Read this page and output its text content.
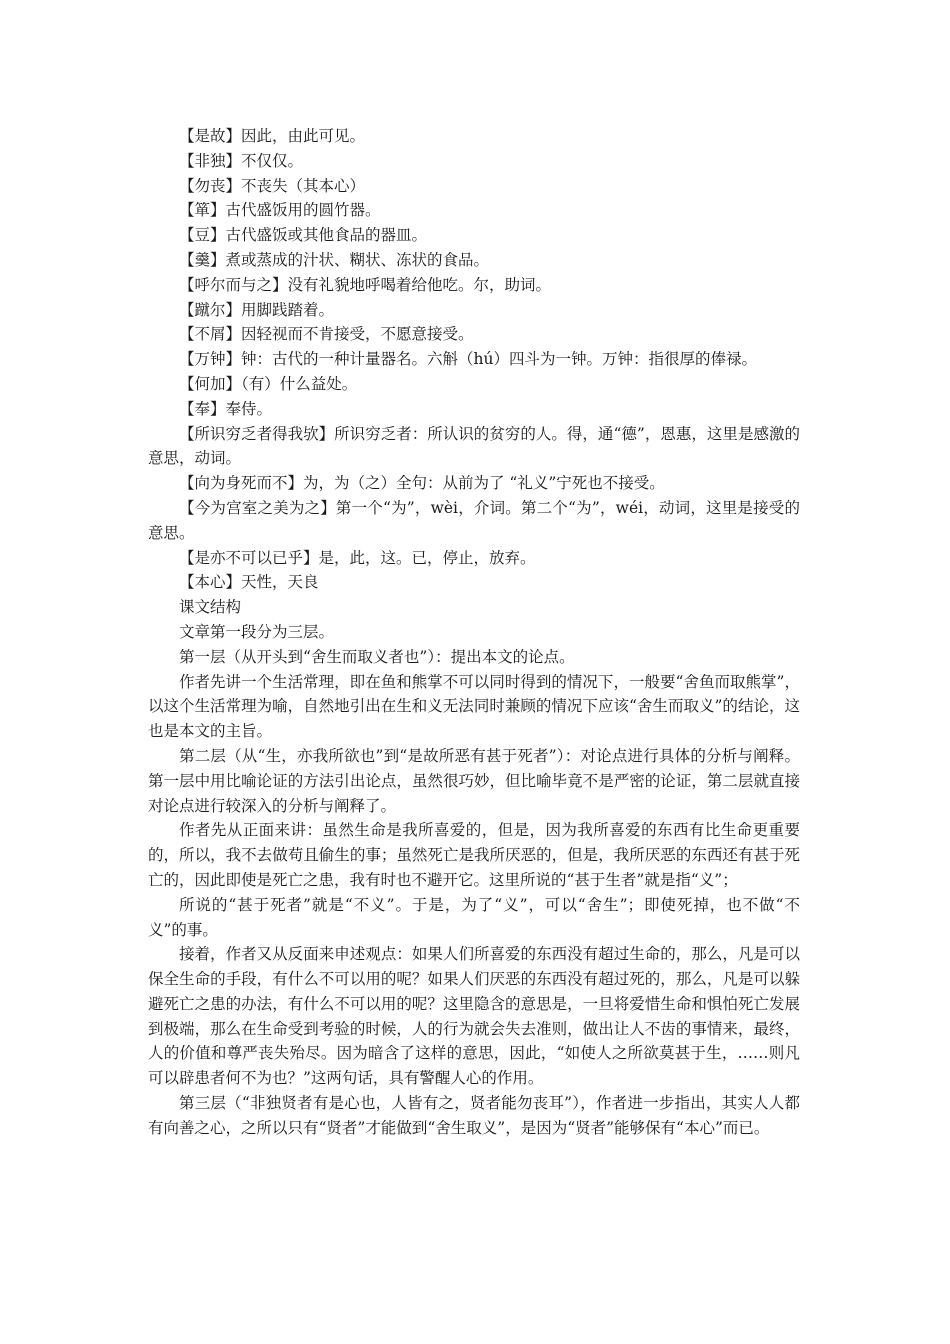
【是故】因此，由此可见。

【非独】不仅仅。

【勿丧】不丧失（其本心）

【箪】古代盛饭用的圆竹器。

【豆】古代盛饭或其他食品的器皿。

【羹】煮或蒸成的汁状、糊状、冻状的食品。

【呼尔而与之】没有礼貌地呼喝着给他吃。尔，助词。

【蹴尔】用脚践踏着。

【不屑】因轻视而不肯接受，不愿意接受。

【万钟】钟：古代的一种计量器名。六斛（hú）四斗为一钟。万钟：指很厚的俸禄。

【何加】（有）什么益处。

【奉】奉侍。

【所识穷乏者得我欤】所识穷乏者：所认识的贫穷的人。得，通“德”，恩惠，这里是感激的意思，动词。

【向为身死而不】为，为（之）全句：从前为了 “礼义”宁死也不接受。

【今为宫室之美为之】第一个“为”，wèi，介词。第二个“为”，wéi，动词，这里是接受的意思。

【是亦不可以已乎】是，此，这。已，停止，放弃。

【本心】天性，天良

课文结构

文章第一段分为三层。

第一层（从开头到“舍生而取义者也”）：提出本文的论点。

作者先讲一个生活常理，即在鱼和熊掌不可以同时得到的情况下，一般要“舍鱼而取熊掌”，以这个生活常理为喻，自然地引出在生和义无法同时兼顾的情况下应该“舍生而取义”的结论，这也是本文的主旨。

第二层（从“生，亦我所欲也”到“是故所恶有甚于死者”）：对论点进行具体的分析与阐释。第一层中用比喻论证的方法引出论点，虽然很巧妙，但比喻毕竟不是严密的论证，第二层就直接对论点进行较深入的分析与阐释了。

作者先从正面来讲：虽然生命是我所喜爱的，但是，因为我所喜爱的东西有比生命更重要的，所以，我不去做苟且偷生的事；虽然死亡是我所厌恶的，但是，我所厌恶的东西还有甚于死亡的，因此即使是死亡之患，我有时也不避开它。这里所说的“甚于生者”就是指“义”；

所说的“甚于死者”就是“不义”。于是，为了“义”，可以“舍生”；即使死掉，也不做“不义”的事。

接着，作者又从反面来申述观点：如果人们所喜爱的东西没有超过生命的，那么，凡是可以保全生命的手段，有什么不可以用的呢？如果人们厌恶的东西没有超过死的，那么，凡是可以躲避死亡之患的办法，有什么不可以用的呢？这里隐含的意思是，一旦将爱惜生命和惧怕死亡发展到极端，那么在生命受到考验的时候，人的行为就会失去准则，做出让人不齿的事情来，最终，人的价值和尊严丧失殆尽。因为暗含了这样的意思，因此，“如使人之所欲莫甚于生，……则凡可以辟患者何不为也？”这两句话，具有警醒人心的作用。

第三层（“非独贤者有是心也，人皆有之，贤者能勿丧耳”），作者进一步指出，其实人人都有向善之心，之所以只有“贤者”才能做到“舍生取义”，是因为“贤者”能够保有“本心”而已。
